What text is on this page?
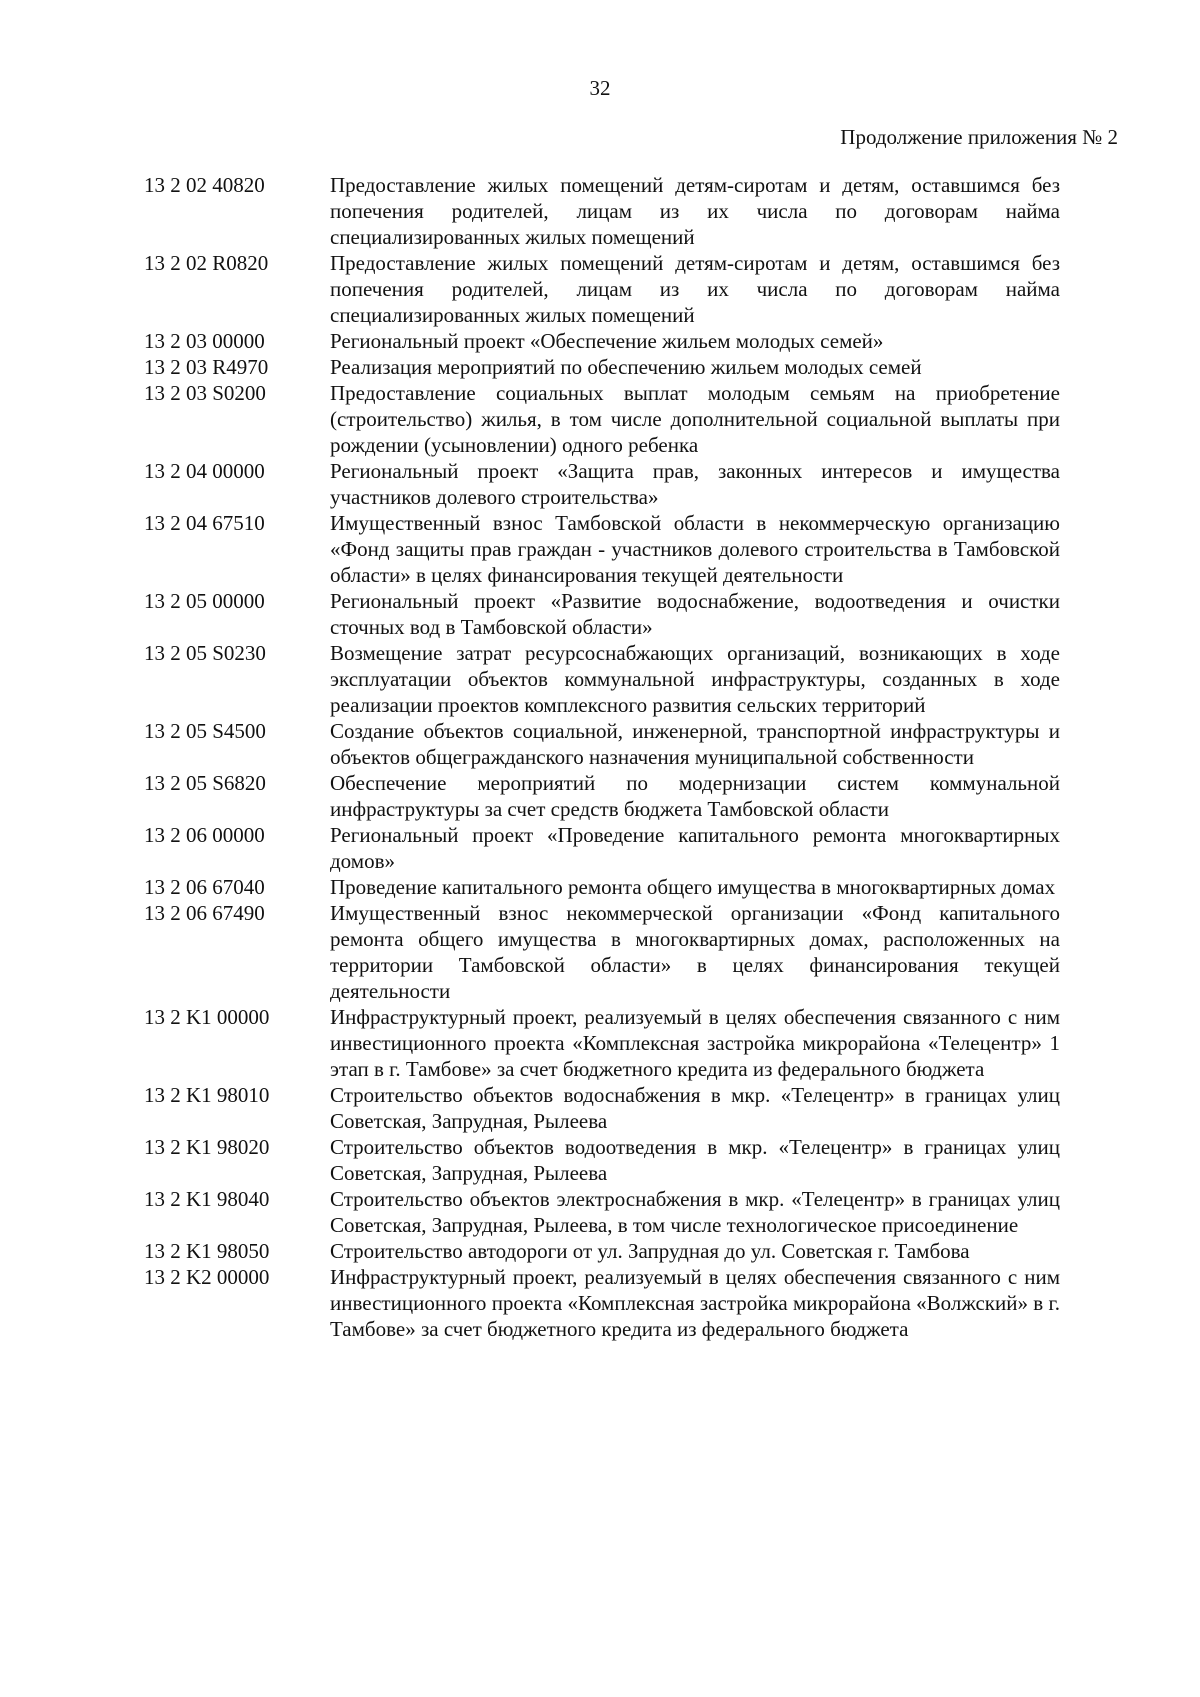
32
Продолжение приложения № 2
13 2 02 40820	Предоставление жилых помещений детям-сиротам и детям, оставшимся без попечения родителей, лицам из их числа по договорам найма специализированных жилых помещений
13 2 02 R0820	Предоставление жилых помещений детям-сиротам и детям, оставшимся без попечения родителей, лицам из их числа по договорам найма специализированных жилых помещений
13 2 03 00000	Региональный проект «Обеспечение жильем молодых семей»
13 2 03 R4970	Реализация мероприятий по обеспечению жильем молодых семей
13 2 03 S0200	Предоставление социальных выплат молодым семьям на приобретение (строительство) жилья, в том числе дополнительной социальной выплаты при рождении (усыновлении) одного ребенка
13 2 04 00000	Региональный проект «Защита прав, законных интересов и имущества участников долевого строительства»
13 2 04 67510	Имущественный взнос Тамбовской области в некоммерческую организацию «Фонд защиты прав граждан - участников долевого строительства в Тамбовской области» в целях финансирования текущей деятельности
13 2 05 00000	Региональный проект «Развитие водоснабжение, водоотведения и очистки сточных вод в Тамбовской области»
13 2 05 S0230	Возмещение затрат ресурсоснабжающих организаций, возникающих в ходе эксплуатации объектов коммунальной инфраструктуры, созданных в ходе реализации проектов комплексного развития сельских территорий
13 2 05 S4500	Создание объектов социальной, инженерной, транспортной инфраструктуры и объектов общегражданского назначения муниципальной собственности
13 2 05 S6820	Обеспечение мероприятий по модернизации систем коммунальной инфраструктуры за счет средств бюджета Тамбовской области
13 2 06 00000	Региональный проект «Проведение капитального ремонта многоквартирных домов»
13 2 06 67040	Проведение капитального ремонта общего имущества в многоквартирных домах
13 2 06 67490	Имущественный взнос некоммерческой организации «Фонд капитального ремонта общего имущества в многоквартирных домах, расположенных на территории Тамбовской области» в целях финансирования текущей деятельности
13 2 K1 00000	Инфраструктурный проект, реализуемый в целях обеспечения связанного с ним инвестиционного проекта «Комплексная застройка микрорайона «Телецентр» 1 этап в г. Тамбове» за счет бюджетного кредита из федерального бюджета
13 2 K1 98010	Строительство объектов водоснабжения в мкр. «Телецентр» в границах улиц Советская, Запрудная, Рылеева
13 2 K1 98020	Строительство объектов водоотведения в мкр. «Телецентр» в границах улиц Советская, Запрудная, Рылеева
13 2 K1 98040	Строительство объектов электроснабжения в мкр. «Телецентр» в границах улиц Советская, Запрудная, Рылеева, в том числе технологическое присоединение
13 2 K1 98050	Строительство автодороги от ул. Запрудная до ул. Советская г. Тамбова
13 2 K2 00000	Инфраструктурный проект, реализуемый в целях обеспечения связанного с ним инвестиционного проекта «Комплексная застройка микрорайона «Волжский» в г. Тамбове» за счет бюджетного кредита из федерального бюджета
